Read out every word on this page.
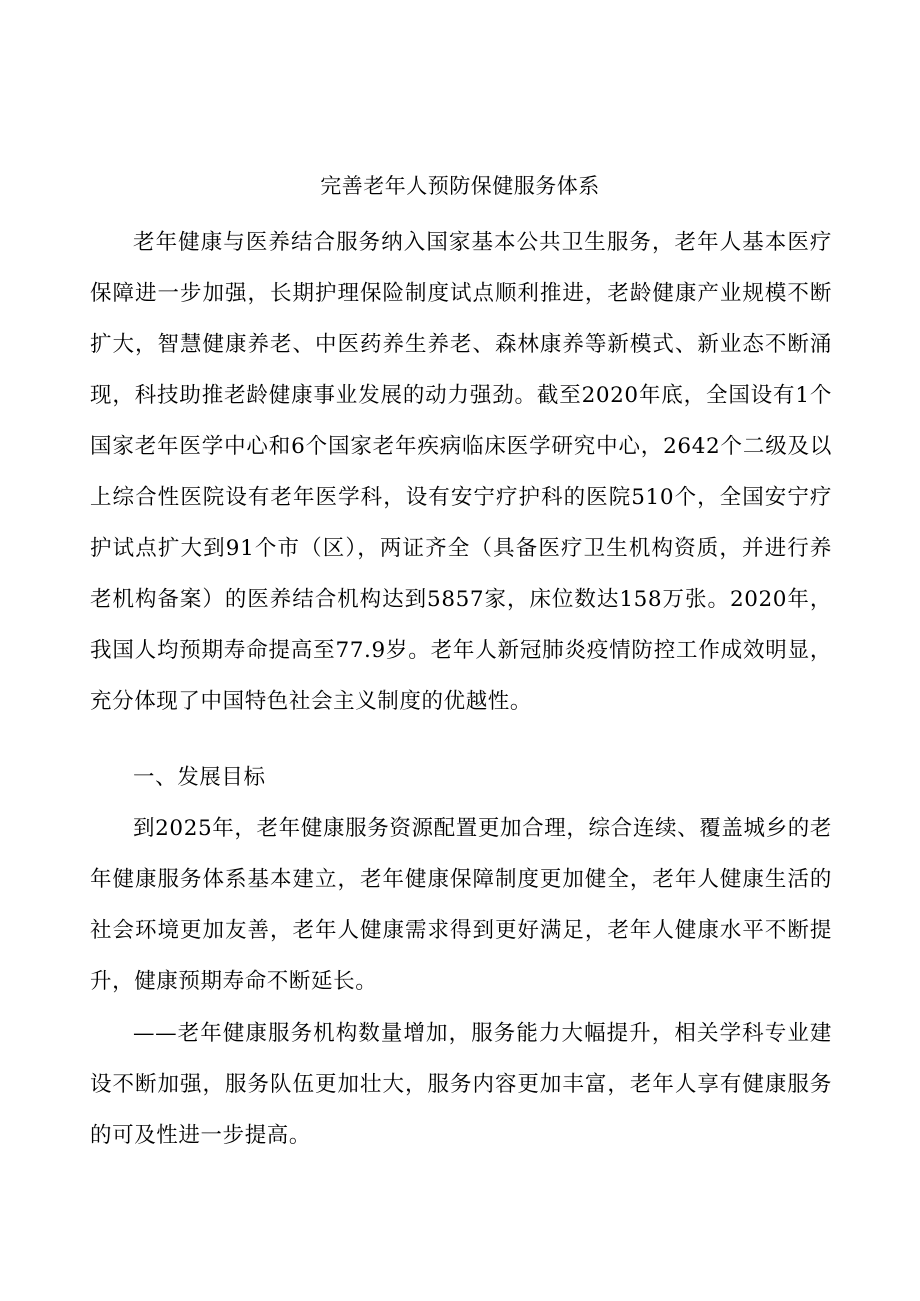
完善老年人预防保健服务体系

老年健康与医养结合服务纳入国家基本公共卫生服务，老年人基本医疗保障进一步加强，长期护理保险制度试点顺利推进，老龄健康产业规模不断扩大，智慧健康养老、中医药养生养老、森林康养等新模式、新业态不断涌现，科技助推老龄健康事业发展的动力强劲。截至2020年底，全国设有1个国家老年医学中心和6个国家老年疾病临床医学研究中心，2642个二级及以上综合性医院设有老年医学科，设有安宁疗护科的医院510个，全国安宁疗护试点扩大到91个市（区），两证齐全（具备医疗卫生机构资质，并进行养老机构备案）的医养结合机构达到5857家，床位数达158万张。2020年，我国人均预期寿命提高至77.9岁。老年人新冠肺炎疫情防控工作成效明显，充分体现了中国特色社会主义制度的优越性。

一、发展目标

到2025年，老年健康服务资源配置更加合理，综合连续、覆盖城乡的老年健康服务体系基本建立，老年健康保障制度更加健全，老年人健康生活的社会环境更加友善，老年人健康需求得到更好满足，老年人健康水平不断提升，健康预期寿命不断延长。

——老年健康服务机构数量增加，服务能力大幅提升，相关学科专业建设不断加强，服务队伍更加壮大，服务内容更加丰富，老年人享有健康服务的可及性进一步提高。
